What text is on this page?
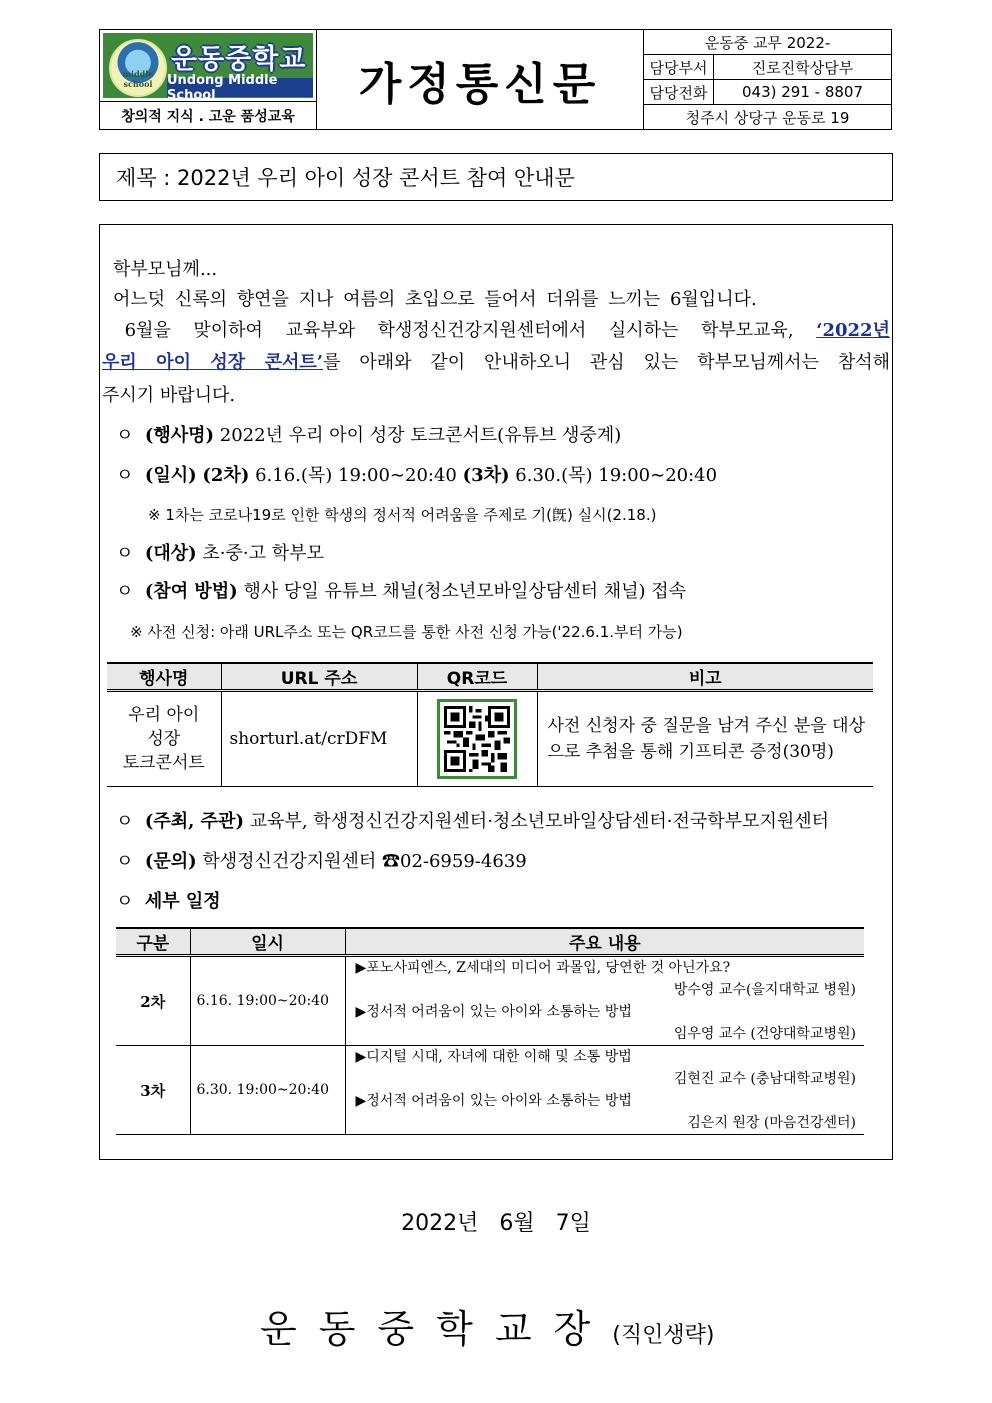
middle school
운동중학교
Undong Middle School
창의적 지식 . 고운 품성교육
가정통신문
운동중 교무 2022-
담당부서	진로진학상담부
담당전화	043) 291 - 8807
청주시 상당구 운동로 19
제목 : 2022년 우리 아이 성장 콘서트 참여 안내문
학부모님께...
어느덧 신록의 향연을 지나 여름의 초입으로 들어서 더위를 느끼는 6월입니다.
6월을 맞이하여 교육부와 학생정신건강지원센터에서 실시하는 학부모교육, ‘2022년
우리 아이 성장 콘서트’를 아래와 같이 안내하오니 관심 있는 학부모님께서는 참석해
주시기 바랍니다.
ㅇ (행사명) 2022년 우리 아이 성장 토크콘서트(유튜브 생중계)
ㅇ (일시) (2차) 6.16.(목) 19:00∼20:40 (3차) 6.30.(목) 19:00∼20:40
※ 1차는 코로나19로 인한 학생의 정서적 어려움을 주제로 기(旣) 실시(2.18.)
ㅇ (대상) 초·중·고 학부모
ㅇ (참여 방법) 행사 당일 유튜브 채널(청소년모바일상담센터 채널) 접속
※ 사전 신청: 아래 URL주소 또는 QR코드를 통한 사전 신청 가능('22.6.1.부터 가능)
행사명	URL 주소	QR코드	비고

우리 아이
성장
토크콘서트	shorturl.at/crDFM		사전 신청자 중 질문을 남겨 주신 분을 대상으로 추첨을 통해 기프티콘 증정(30명)
ㅇ (주최, 주관) 교육부, 학생정신건강지원센터·청소년모바일상담센터·전국학부모지원센터
ㅇ (문의) 학생정신건강지원센터 ☎02-6959-4639
ㅇ 세부 일정
구분	일시	주요 내용
2차	6.16. 19:00~20:40	▶포노사피엔스, Z세대의 미디어 과몰입, 당연한 것 아닌가요?
방수영 교수(을지대학교 병원)
▶정서적 어려움이 있는 아이와 소통하는 방법
임우영 교수 (건양대학교병원)

3차	6.30. 19:00~20:40	▶디지털 시대, 자녀에 대한 이해 및 소통 방법
김현진 교수 (충남대학교병원)
▶정서적 어려움이 있는 아이와 소통하는 방법
김은지 원장 (마음건강센터)
2022년 6월 7일
운동중학교장(직인생략)
